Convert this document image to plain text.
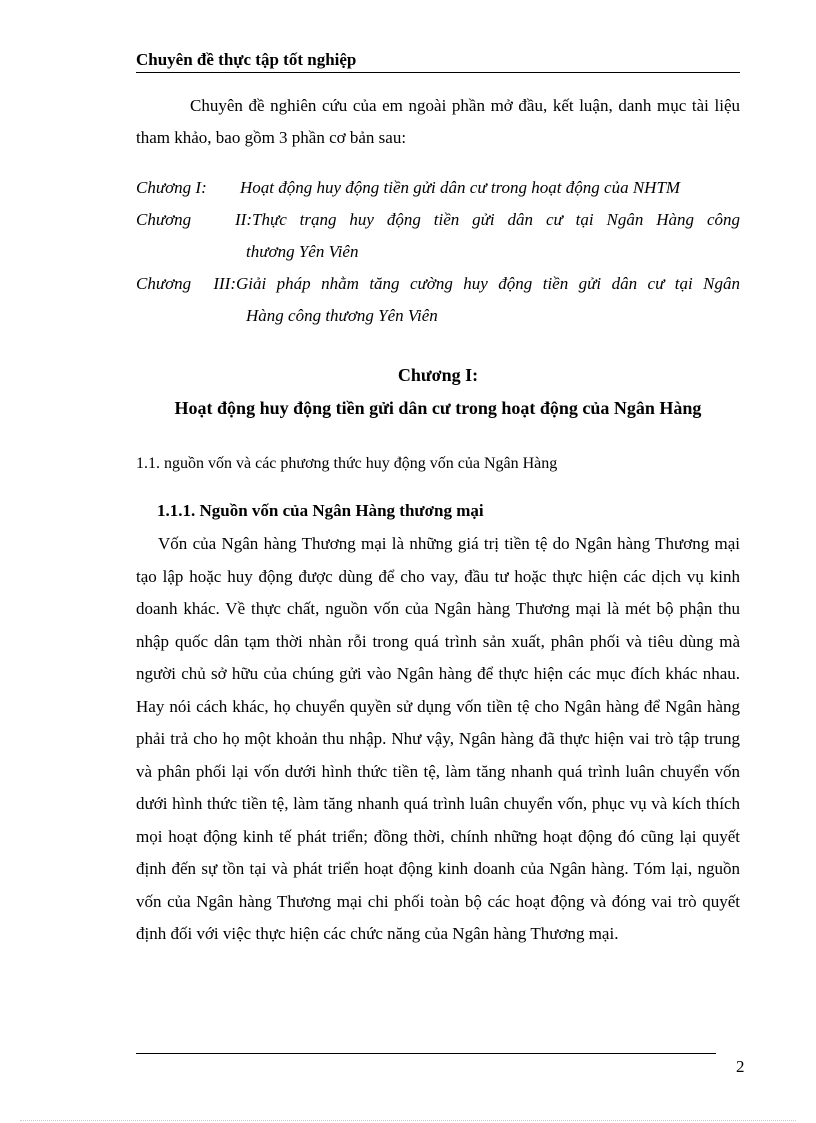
Chuyên đề thực tập tốt nghiệp
Chuyên đề nghiên cứu của em ngoài phần mở đầu, kết luận, danh mục tài liệu tham khảo, bao gồm 3 phần cơ bản sau:
Chương I: Hoạt động huy động tiền gửi dân cư trong hoạt động của NHTM
Chương II:Thực trạng huy động tiền gửi dân cư tại Ngân Hàng công
thương Yên Viên
Chương III:Giải pháp nhằm tăng cường huy động tiền gửi dân cư tại Ngân
Hàng công thương Yên Viên
Chương I:
Hoạt động huy động tiền gửi dân cư trong hoạt động của Ngân Hàng
1.1. nguồn vốn và các phương thức huy động vốn của Ngân Hàng
1.1.1. Nguồn vốn của Ngân Hàng thương mại
Vốn của Ngân hàng Thương mại là những giá trị tiền tệ do Ngân hàng Thương mại tạo lập hoặc huy động được dùng để cho vay, đầu tư hoặc thực hiện các dịch vụ kinh doanh khác. Về thực chất, nguồn vốn của Ngân hàng Thương mại là mét bộ phận thu nhập quốc dân tạm thời nhàn rỗi trong quá trình sản xuất, phân phối và tiêu dùng mà người chủ sở hữu của chúng gửi vào Ngân hàng để thực hiện các mục đích khác nhau. Hay nói cách khác, họ chuyển quyền sử dụng vốn tiền tệ cho Ngân hàng để Ngân hàng phải trả cho họ một khoản thu nhập. Như vậy, Ngân hàng đã thực hiện vai trò tập trung và phân phối lại vốn dưới hình thức tiền tệ, làm tăng nhanh quá trình luân chuyển vốn dưới hình thức tiền tệ, làm tăng nhanh quá trình luân chuyển vốn, phục vụ và kích thích mọi hoạt động kinh tế phát triển; đồng thời, chính những hoạt động đó cũng lại quyết định đến sự tồn tại và phát triển hoạt động kinh doanh của Ngân hàng. Tóm lại, nguồn vốn của Ngân hàng Thương mại chi phối toàn bộ các hoạt động và đóng vai trò quyết định đối với việc thực hiện các chức năng của Ngân hàng Thương mại.
2
